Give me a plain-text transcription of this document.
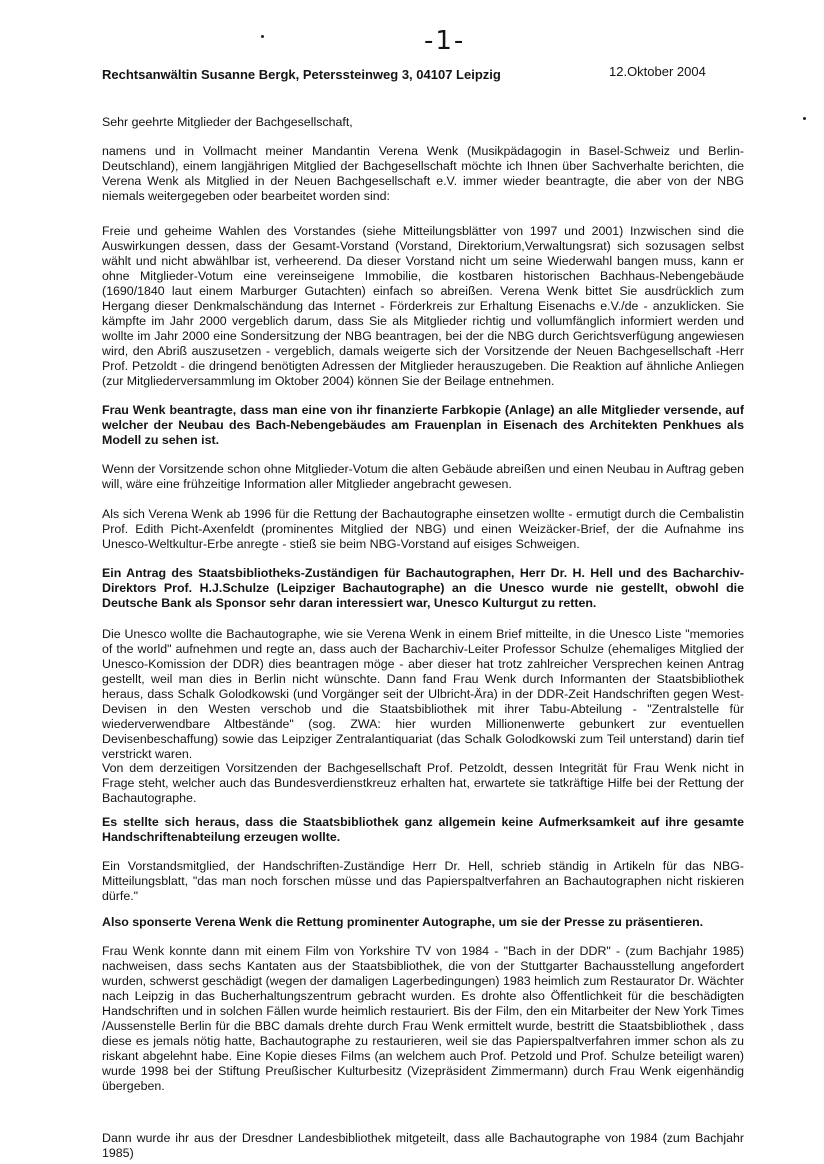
-1-
Rechtsanwältin Susanne Bergk, Peterssteinweg 3, 04107 Leipzig	12.Oktober 2004

Sehr geehrte Mitglieder der Bachgesellschaft,

namens und in Vollmacht meiner Mandantin Verena Wenk (Musikpädagogin in Basel-Schweiz und Berlin-Deutschland), einem langjährigen Mitglied der Bachgesellschaft möchte ich Ihnen über Sachverhalte berichten, die Verena Wenk als Mitglied in der Neuen Bachgesellschaft e.V. immer wieder beantragte, die aber von der NBG niemals weitergegeben oder bearbeitet worden sind:

Freie und geheime Wahlen des Vorstandes (siehe Mitteilungsblätter von 1997 und 2001) Inzwischen sind die Auswirkungen dessen, dass der Gesamt-Vorstand (Vorstand, Direktorium,Verwaltungsrat) sich sozusagen selbst wählt und nicht abwählbar ist, verheerend. Da dieser Vorstand nicht um seine Wiederwahl bangen muss, kann er ohne Mitglieder-Votum eine vereinseigene Immobilie, die kostbaren historischen Bachhaus-Nebengebäude (1690/1840 laut einem Marburger Gutachten) einfach so abreißen. Verena Wenk bittet Sie ausdrücklich zum Hergang dieser Denkmalschändung das Internet - Förderkreis zur Erhaltung Eisenachs e.V./de - anzuklicken. Sie kämpfte im Jahr 2000 vergeblich darum, dass Sie als Mitglieder richtig und vollumfänglich informiert werden und wollte im Jahr 2000 eine Sondersitzung der NBG beantragen, bei der die NBG durch Gerichtsverfügung angewiesen wird, den Abriß auszusetzen - vergeblich, damals weigerte sich der Vorsitzende der Neuen Bachgesellschaft -Herr Prof. Petzoldt - die dringend benötigten Adressen der Mitglieder herauszugeben. Die Reaktion auf ähnliche Anliegen (zur Mitgliederversammlung im Oktober 2004) können Sie der Beilage entnehmen.

Frau Wenk beantragte, dass man eine von ihr finanzierte Farbkopie (Anlage) an alle Mitglieder versende, auf welcher der Neubau des Bach-Nebengebäudes am Frauenplan in Eisenach des Architekten Penkhues als Modell zu sehen ist.

Wenn der Vorsitzende schon ohne Mitglieder-Votum die alten Gebäude abreißen und einen Neubau in Auftrag geben will, wäre eine frühzeitige Information aller Mitglieder angebracht gewesen.

Als sich Verena Wenk ab 1996 für die Rettung der Bachautographe einsetzen wollte - ermutigt durch die Cembalistin Prof. Edith Picht-Axenfeldt (prominentes Mitglied der NBG) und einen Weizäcker-Brief, der die Aufnahme ins Unesco-Weltkultur-Erbe anregte - stieß sie beim NBG-Vorstand auf eisiges Schweigen.

Ein Antrag des Staatsbibliotheks-Zuständigen für Bachautographen, Herr Dr. H. Hell und des Bacharchiv-Direktors Prof. H.J.Schulze (Leipziger Bachautographe) an die Unesco wurde nie gestellt, obwohl die Deutsche Bank als Sponsor sehr daran interessiert war, Unesco Kulturgut zu retten.

Die Unesco wollte die Bachautographe, wie sie Verena Wenk in einem Brief mitteilte, in die Unesco Liste "memories of the world" aufnehmen und regte an, dass auch der Bacharchiv-Leiter Professor Schulze (ehemaliges Mitglied der Unesco-Komission der DDR) dies beantragen möge - aber dieser hat trotz zahlreicher Versprechen keinen Antrag gestellt, weil man dies in Berlin nicht wünschte. Dann fand Frau Wenk durch Informanten der Staatsbibliothek heraus, dass Schalk Golodkowski (und Vorgänger seit der Ulbricht-Ära) in der DDR-Zeit Handschriften gegen West-Devisen in den Westen verschob und die Staatsbibliothek mit ihrer Tabu-Abteilung - "Zentralstelle für wiederverwendbare Altbestände" (sog. ZWA: hier wurden Millionenwerte gebunkert zur eventuellen Devisenbeschaffung) sowie das Leipziger Zentralantiquariat (das Schalk Golodkowski zum Teil unterstand) darin tief verstrickt waren.

Von dem derzeitigen Vorsitzenden der Bachgesellschaft Prof. Petzoldt, dessen Integrität für Frau Wenk nicht in Frage steht, welcher auch das Bundesverdienstkreuz erhalten hat, erwartete sie tatkräftige Hilfe bei der Rettung der Bachautographe.

Es stellte sich heraus, dass die Staatsbibliothek ganz allgemein keine Aufmerksamkeit auf ihre gesamte Handschriftenabteilung erzeugen wollte.

Ein Vorstandsmitglied, der Handschriften-Zuständige Herr Dr. Hell, schrieb ständig in Artikeln für das NBG-Mitteilungsblatt, "das man noch forschen müsse und das Papierspaltverfahren an Bachautographen nicht riskieren dürfe."

Also sponserte Verena Wenk die Rettung prominenter Autographe, um sie der Presse zu präsentieren.

Frau Wenk konnte dann mit einem Film von Yorkshire TV von 1984 - "Bach in der DDR" - (zum Bachjahr 1985) nachweisen, dass sechs Kantaten aus der Staatsbibliothek, die von der Stuttgarter Bachausstellung angefordert wurden, schwerst geschädigt (wegen der damaligen Lagerbedingungen) 1983 heimlich zum Restaurator Dr. Wächter nach Leipzig in das Bucherhaltungszentrum gebracht wurden. Es drohte also Öffentlichkeit für die beschädigten Handschriften und in solchen Fällen wurde heimlich restauriert. Bis der Film, den ein Mitarbeiter der New York Times /Aussenstelle Berlin für die BBC damals drehte durch Frau Wenk ermittelt wurde, bestritt die Staatsbibliothek , dass diese es jemals nötig hatte, Bachautographe zu restaurieren, weil sie das Papierspaltverfahren immer schon als zu riskant abgelehnt habe. Eine Kopie dieses Films (an welchem auch Prof. Petzold und Prof. Schulze beteiligt waren) wurde 1998 bei der Stiftung Preußischer Kulturbesitz (Vizepräsident Zimmermann) durch Frau Wenk eigenhändig übergeben.

Dann wurde ihr aus der Dresdner Landesbibliothek mitgeteilt, dass alle Bachautographe von 1984 (zum Bachjahr 1985)
